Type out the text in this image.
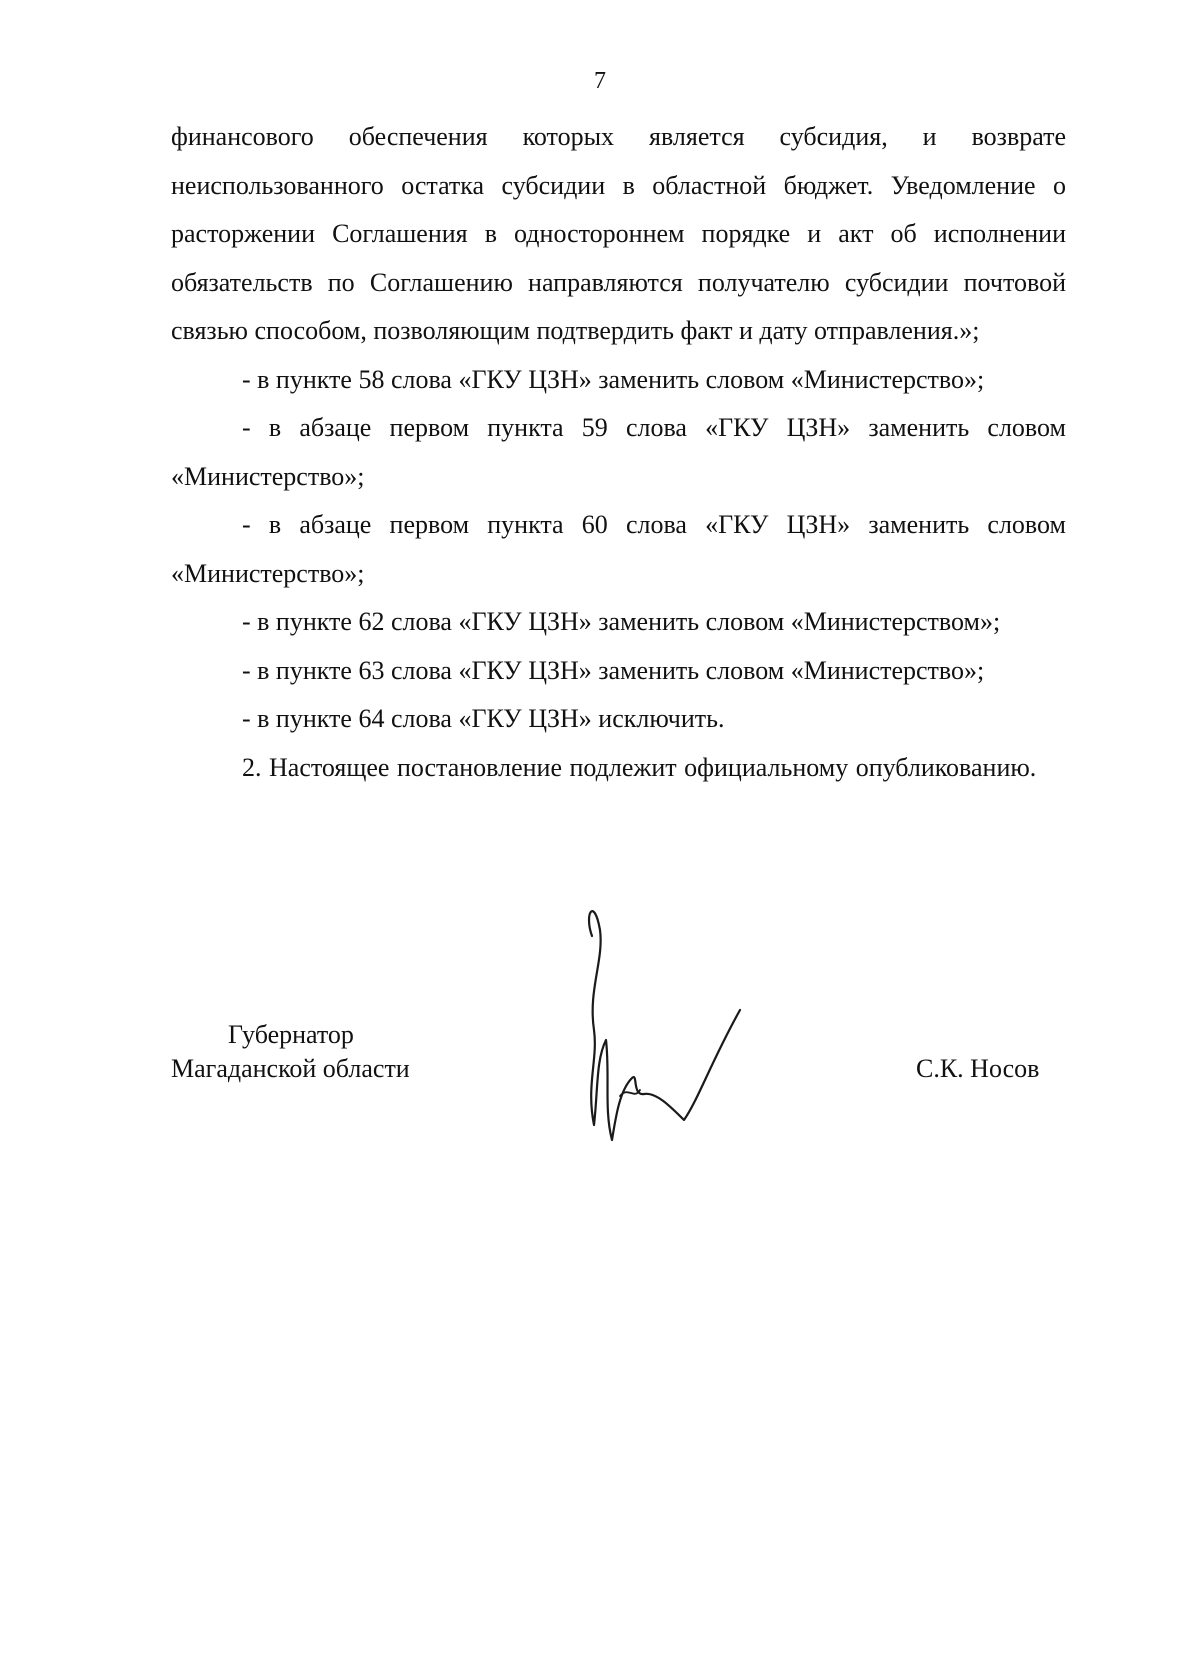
7

финансового обеспечения которых является субсидия, и возврате неиспользованного остатка субсидии в областной бюджет. Уведомление о расторжении Соглашения в одностороннем порядке и акт об исполнении обязательств по Соглашению направляются получателю субсидии почтовой связью способом, позволяющим подтвердить факт и дату отправления.»;

- в пункте 58 слова «ГКУ ЦЗН» заменить словом «Министерство»;

- в абзаце первом пункта 59 слова «ГКУ ЦЗН» заменить словом «Министерство»;

- в абзаце первом пункта 60 слова «ГКУ ЦЗН» заменить словом «Министерство»;

- в пункте 62 слова «ГКУ ЦЗН» заменить словом «Министерством»;

- в пункте 63 слова «ГКУ ЦЗН» заменить словом «Министерство»;

- в пункте 64 слова «ГКУ ЦЗН» исключить.

2. Настоящее постановление подлежит официальному опубликованию.

Губернатор
Магаданской области	С.К. Носов
